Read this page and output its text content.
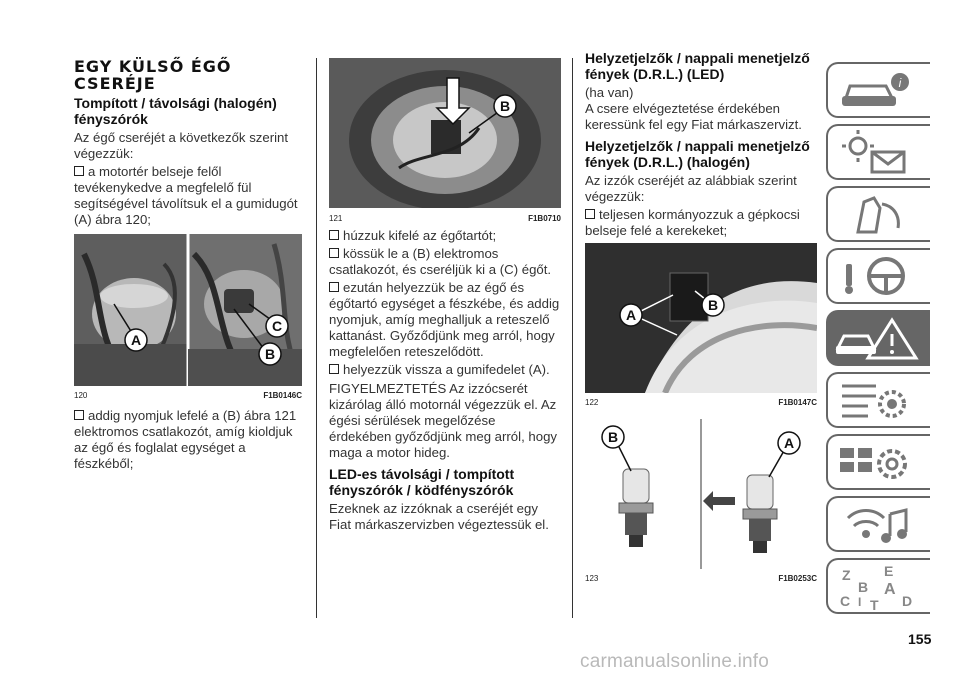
EGY KÜLSŐ ÉGŐ CSERÉJE
Tompított / távolsági (halogén) fényszórók

Az égő cseréjét a következők szerint végezzük:

a motortér belseje felől tevékenykedve a megfelelő fül segítségével távolítsuk el a gumidugót (A) ábra 120;

A
C
B
120	F1B0146C

addig nyomjuk lefelé a (B) ábra 121 elektromos csatlakozót, amíg kioldjuk az égő és foglalat egységet a fészkéből;

B
121	F1B0710

húzzuk kifelé az égőtartót;

kössük le a (B) elektromos csatlakozót, és cseréljük ki a (C) égőt.

ezután helyezzük be az égő és égőtartó egységet a fészkébe, és addig nyomjuk, amíg meghalljuk a reteszelő kattanást. Győződjünk meg arról, hogy megfelelően reteszelődött.

helyezzük vissza a gumifedelet (A).

FIGYELMEZTETÉS Az izzócserét kizárólag álló motornál végezzük el. Az égési sérülések megelőzése érdekében győződjünk meg arról, hogy maga a motor hideg.

LED-es távolsági / tompított fényszórók / ködfényszórók

Ezeknek az izzóknak a cseréjét egy Fiat márkaszervizben végeztessük el.

Helyzetjelzők / nappali menetjelző fények (D.R.L.) (LED)

(ha van)

A csere elvégeztetése érdekében keressünk fel egy Fiat márkaszervizt.

Helyzetjelzők / nappali menetjelző fények (D.R.L.) (halogén)

Az izzók cseréjét az alábbiak szerint végezzük:

teljesen kormányozzuk a gépkocsi belseje felé a kerekeket;

A
B
122	F1B0147C
B	A
123	F1B0253C
i
Z E
B A
C	D
T
I
155
carmanualsonline.info
